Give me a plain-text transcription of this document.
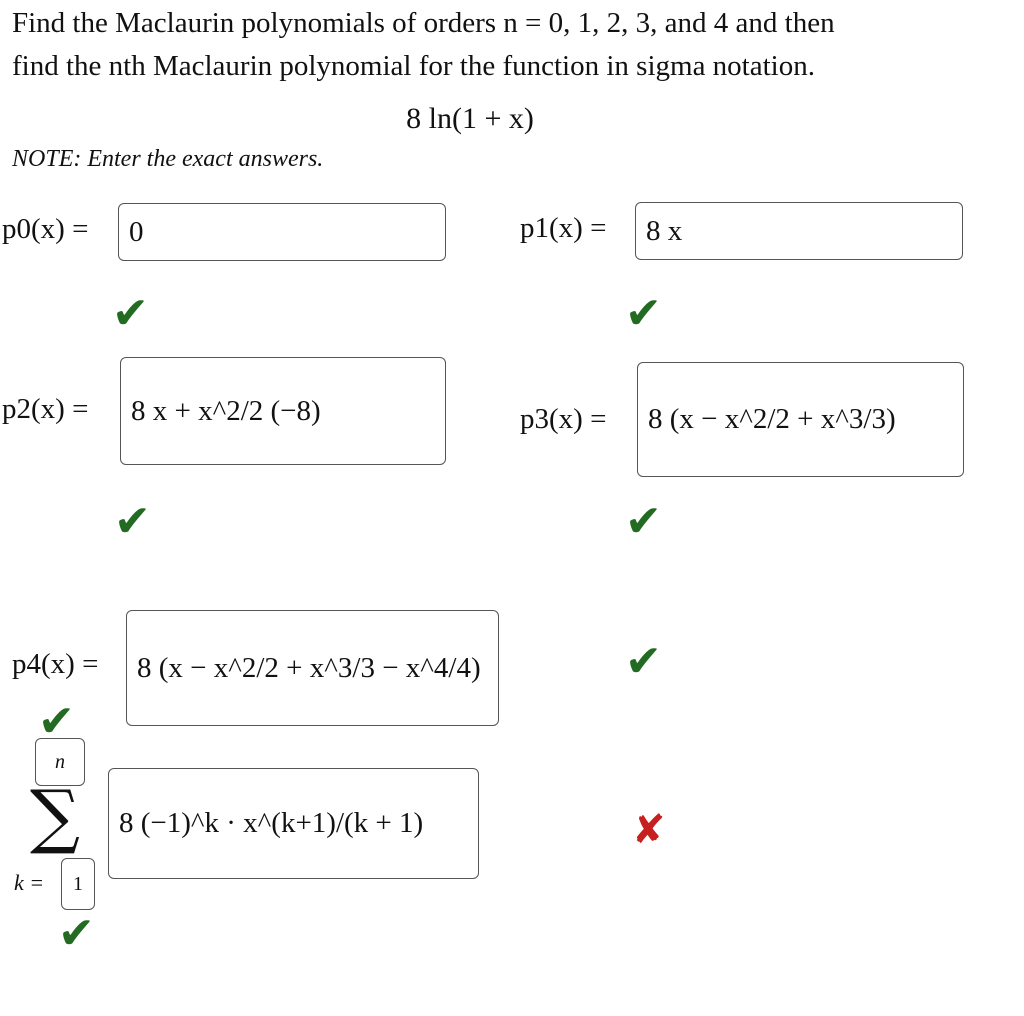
Find the Maclaurin polynomials of orders n = 0, 1, 2, 3, and 4 and then
find the nth Maclaurin polynomial for the function in sigma notation.
8 ln(1 + x)
NOTE: Enter the exact answers.
p0(x) = 0
✔
p1(x) = 8 x
✔
p2(x) = 8 x + x^2/2 (−8)
✔
p3(x) = 8 (x − x^2/2 + x^3/3)
✔
p4(x) = 8 (x − x^2/2 + x^3/3 − x^4/4)	✔
✔
n
∑
k = 1
✔
8 (−1)^k · x^(k+1)/(k + 1)	✘
